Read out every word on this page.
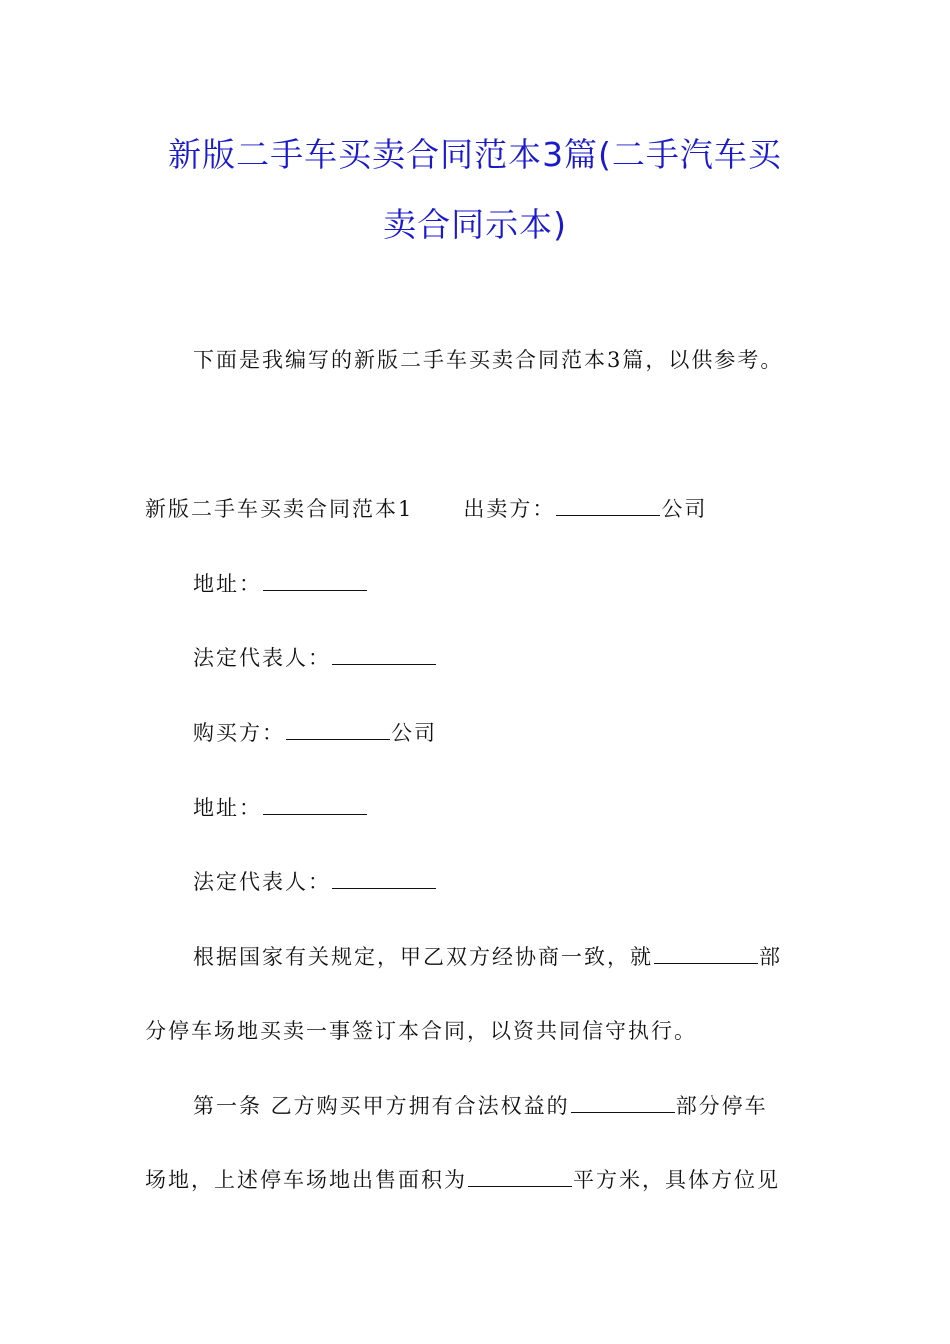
新版二手车买卖合同范本3篇(二手汽车买
卖合同示本)
下面是我编写的新版二手车买卖合同范本3篇，以供参考。
新版二手车买卖合同范本1 出卖方：	公司
地址：
法定代表人：
购买方：	公司
地址：
法定代表人：
根据国家有关规定，甲乙双方经协商一致，就	部
分停车场地买卖一事签订本合同，以资共同信守执行。
第一条 乙方购买甲方拥有合法权益的	部分停车
场地，上述停车场地出售面积为	平方米，具体方位见
